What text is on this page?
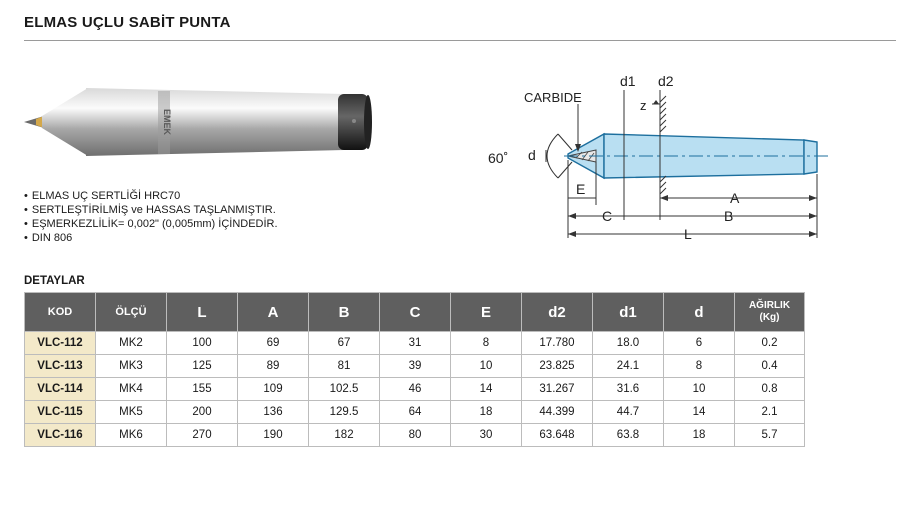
ELMAS UÇLU SABİT PUNTA
EMEK
• ELMAS UÇ SERTLİĞİ HRC70
• SERTLEŞTİRİLMİŞ ve HASSAS TAŞLANMIŞTIR.
• EŞMERKEZLİLİK= 0,002" (0,005mm) İÇİNDEDİR.
• DIN 806
CARBIDE
d1 d2
z
60˚ d
E
A
C	B
L
DETAYLAR
KOD	ÖLÇÜ	L	A	B	C	E	d2	d1	d	AĞIRLIK
(Kg)

VLC-112	MK2	100	69	67	31	8	17.780	18.0	6	0.2
VLC-113	MK3	125	89	81	39	10	23.825	24.1	8	0.4
VLC-114	MK4	155	109	102.5	46	14	31.267	31.6	10	0.8
VLC-115	MK5	200	136	129.5	64	18	44.399	44.7	14	2.1
VLC-116	MK6	270	190	182	80	30	63.648	63.8	18	5.7
